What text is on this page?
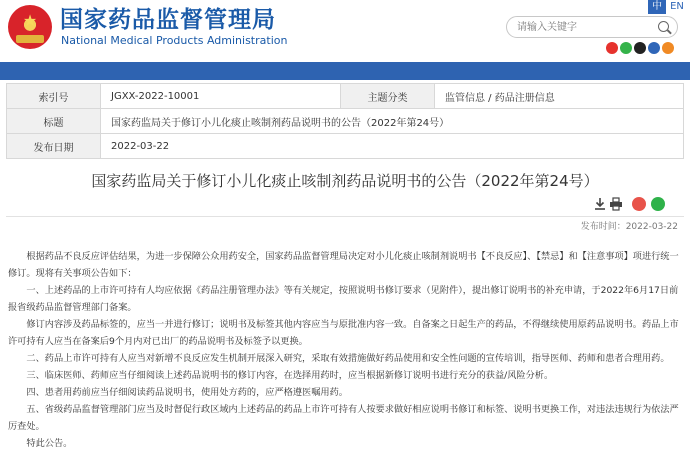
★ 国家药品监督管理局
National Medical Products Administration
中 EN
请输入关键字
索引号	JGXX-2022-10001	主题分类	监管信息 / 药品注册信息
标题	国家药监局关于修订小儿化痰止咳制剂药品说明书的公告（2022年第24号）		
发布日期	2022-03-22		
国家药监局关于修订小儿化痰止咳制剂药品说明书的公告（2022年第24号）
发布时间：2022-03-22

根据药品不良反应评估结果，为进一步保障公众用药安全，国家药品监督管理局决定对小儿化痰止咳制剂说明书【不良反应】、【禁忌】和【注意事项】项进行统一修订。现将有关事项公告如下：

一、上述药品的上市许可持有人均应依据《药品注册管理办法》等有关规定，按照说明书修订要求（见附件），提出修订说明书的补充申请，于2022年6月17日前报省级药品监督管理部门备案。

修订内容涉及药品标签的，应当一并进行修订；说明书及标签其他内容应当与原批准内容一致。自备案之日起生产的药品，不得继续使用原药品说明书。药品上市许可持有人应当在备案后9个月内对已出厂的药品说明书及标签予以更换。

二、药品上市许可持有人应当对新增不良反应发生机制开展深入研究，采取有效措施做好药品使用和安全性问题的宣传培训，指导医师、药师和患者合理用药。

三、临床医师、药师应当仔细阅读上述药品说明书的修订内容，在选择用药时，应当根据新修订说明书进行充分的获益/风险分析。

四、患者用药前应当仔细阅读药品说明书，使用处方药的，应严格遵医嘱用药。

五、省级药品监督管理部门应当及时督促行政区域内上述药品的药品上市许可持有人按要求做好相应说明书修订和标签、说明书更换工作，对违法违规行为依法严厉查处。

特此公告。
